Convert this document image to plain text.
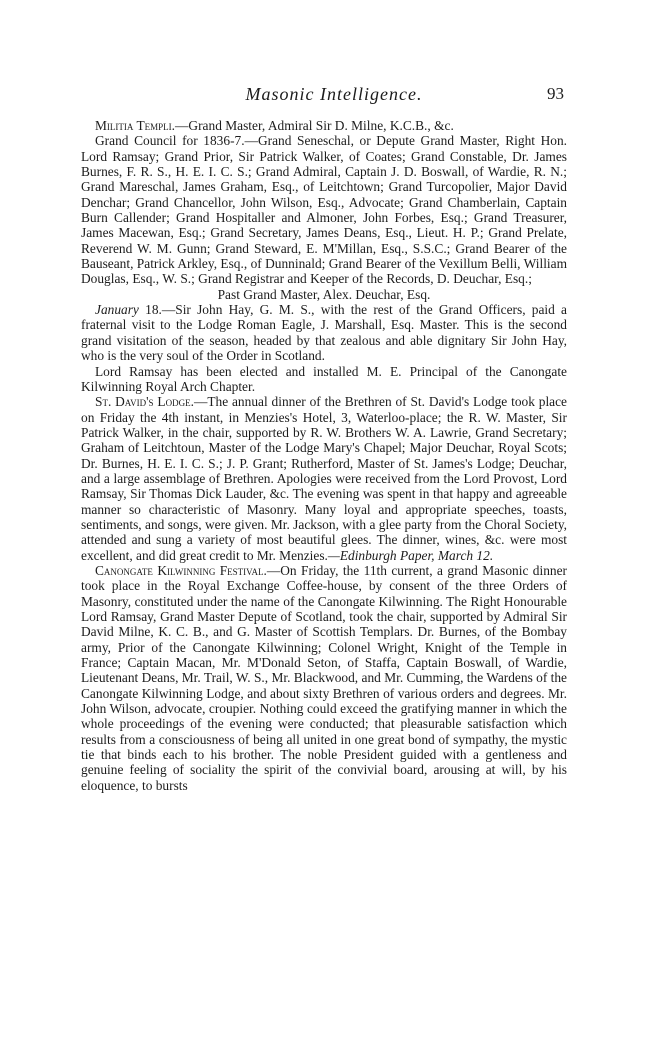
Masonic Intelligence.	93

Militia Templi.—Grand Master, Admiral Sir D. Milne, K.C.B., &c.

Grand Council for 1836-7.—Grand Seneschal, or Depute Grand Master, Right Hon. Lord Ramsay; Grand Prior, Sir Patrick Walker, of Coates; Grand Constable, Dr. James Burnes, F. R. S., H. E. I. C. S.; Grand Admiral, Captain J. D. Boswall, of Wardie, R. N.; Grand Mareschal, James Graham, Esq., of Leitchtown; Grand Turcopolier, Major David Denchar; Grand Chancellor, John Wilson, Esq., Advocate; Grand Chamberlain, Captain Burn Callender; Grand Hospitaller and Almoner, John Forbes, Esq.; Grand Treasurer, James Macewan, Esq.; Grand Secretary, James Deans, Esq., Lieut. H. P.; Grand Prelate, Reverend W. M. Gunn; Grand Steward, E. M'Millan, Esq., S.S.C.; Grand Bearer of the Bauseant, Patrick Arkley, Esq., of Dunninald; Grand Bearer of the Vexillum Belli, William Douglas, Esq., W. S.; Grand Registrar and Keeper of the Records, D. Deuchar, Esq.;

Past Grand Master, Alex. Deuchar, Esq.

January 18.—Sir John Hay, G. M. S., with the rest of the Grand Officers, paid a fraternal visit to the Lodge Roman Eagle, J. Marshall, Esq. Master. This is the second grand visitation of the season, headed by that zealous and able dignitary Sir John Hay, who is the very soul of the Order in Scotland.

Lord Ramsay has been elected and installed M. E. Principal of the Canongate Kilwinning Royal Arch Chapter.

St. David's Lodge.—The annual dinner of the Brethren of St. David's Lodge took place on Friday the 4th instant, in Menzies's Hotel, 3, Waterloo-place; the R. W. Master, Sir Patrick Walker, in the chair, supported by R. W. Brothers W. A. Lawrie, Grand Secretary; Graham of Leitchtoun, Master of the Lodge Mary's Chapel; Major Deuchar, Royal Scots; Dr. Burnes, H. E. I. C. S.; J. P. Grant; Rutherford, Master of St. James's Lodge; Deuchar, and a large assemblage of Brethren. Apologies were received from the Lord Provost, Lord Ramsay, Sir Thomas Dick Lauder, &c. The evening was spent in that happy and agreeable manner so characteristic of Masonry. Many loyal and appropriate speeches, toasts, sentiments, and songs, were given. Mr. Jackson, with a glee party from the Choral Society, attended and sung a variety of most beautiful glees. The dinner, wines, &c. were most excellent, and did great credit to Mr. Menzies.—Edinburgh Paper, March 12.

Canongate Kilwinning Festival.—On Friday, the 11th current, a grand Masonic dinner took place in the Royal Exchange Coffee-house, by consent of the three Orders of Masonry, constituted under the name of the Canongate Kilwinning. The Right Honourable Lord Ramsay, Grand Master Depute of Scotland, took the chair, supported by Admiral Sir David Milne, K. C. B., and G. Master of Scottish Templars. Dr. Burnes, of the Bombay army, Prior of the Canongate Kilwinning; Colonel Wright, Knight of the Temple in France; Captain Macan, Mr. M'Donald Seton, of Staffa, Captain Boswall, of Wardie, Lieutenant Deans, Mr. Trail, W. S., Mr. Blackwood, and Mr. Cumming, the Wardens of the Canongate Kilwinning Lodge, and about sixty Brethren of various orders and degrees. Mr. John Wilson, advocate, croupier. Nothing could exceed the gratifying manner in which the whole proceedings of the evening were conducted; that pleasurable satisfaction which results from a consciousness of being all united in one great bond of sympathy, the mystic tie that binds each to his brother. The noble President guided with a gentleness and genuine feeling of sociality the spirit of the convivial board, arousing at will, by his eloquence, to bursts
